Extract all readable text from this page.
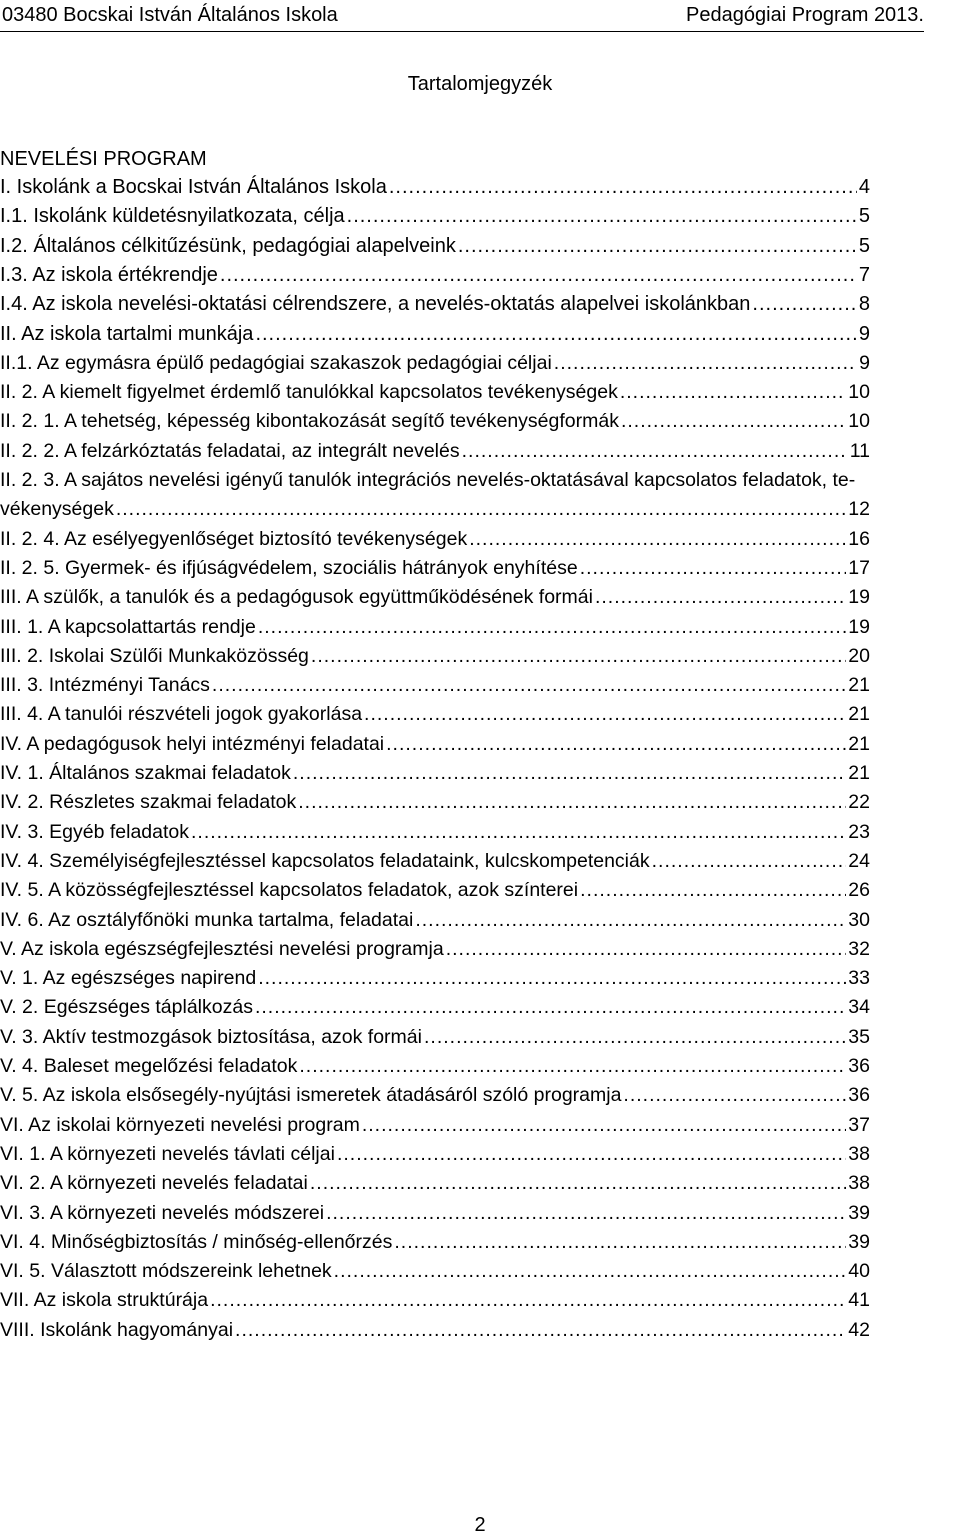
03480 Bocskai István Általános Iskola	Pedagógiai Program 2013.
Tartalomjegyzék
NEVELÉSI PROGRAM
I. Iskolánk a Bocskai István Általános Iskola .....	4
I.1. Iskolánk küldetésnyilatkozata, célja .....	5
I.2. Általános célkitűzésünk, pedagógiai alapelveink .....	5
I.3. Az iskola értékrendje .....	7
I.4. Az iskola nevelési-oktatási célrendszere, a nevelés-oktatás alapelvei iskolánkban .....	8
II. Az iskola tartalmi munkája .....	9
II.1. Az egymásra épülő pedagógiai szakaszok pedagógiai céljai .....	9
II. 2. A kiemelt figyelmet érdemlő tanulókkal kapcsolatos tevékenységek .....	10
II. 2. 1. A tehetség, képesség kibontakozását segítő tevékenységformák .....	10
II. 2. 2. A felzárkóztatás feladatai, az integrált nevelés .....	11
II. 2. 3. A sajátos nevelési igényű tanulók integrációs nevelés-oktatásával kapcsolatos feladatok, te-
vékenységek .....	12
II. 2. 4. Az esélyegyenlőséget biztosító tevékenységek .....	16
II. 2. 5. Gyermek- és ifjúságvédelem, szociális hátrányok enyhítése .....	17
III. A szülők, a tanulók és a pedagógusok együttműködésének formái .....	19
III. 1. A kapcsolattartás rendje .....	19
III. 2. Iskolai Szülői Munkaközösség .....	20
III. 3. Intézményi Tanács .....	21
III. 4. A tanulói részvételi jogok gyakorlása .....	21
IV. A pedagógusok helyi intézményi feladatai .....	21
IV. 1. Általános szakmai feladatok .....	21
IV. 2. Részletes szakmai feladatok .....	22
IV. 3. Egyéb feladatok .....	23
IV. 4. Személyiségfejlesztéssel kapcsolatos feladataink, kulcskompetenciák .....	24
IV. 5. A közösségfejlesztéssel kapcsolatos feladatok, azok színterei .....	26
IV. 6. Az osztályfőnöki munka tartalma, feladatai .....	30
V. Az iskola egészségfejlesztési nevelési programja .....	32
V. 1. Az egészséges napirend .....	33
V. 2. Egészséges táplálkozás .....	34
V. 3. Aktív testmozgások biztosítása, azok formái .....	35
V. 4. Baleset megelőzési feladatok .....	36
V. 5. Az iskola elsősegély-nyújtási ismeretek átadásáról szóló programja .....	36
VI. Az iskolai környezeti nevelési program .....	37
VI. 1. A környezeti nevelés távlati céljai .....	38
VI. 2. A környezeti nevelés feladatai .....	38
VI. 3. A környezeti nevelés módszerei .....	39
VI. 4. Minőségbiztosítás / minőség-ellenőrzés .....	39
VI. 5. Választott módszereink lehetnek .....	40
VII. Az iskola struktúrája .....	41
VIII. Iskolánk hagyományai .....	42
2
